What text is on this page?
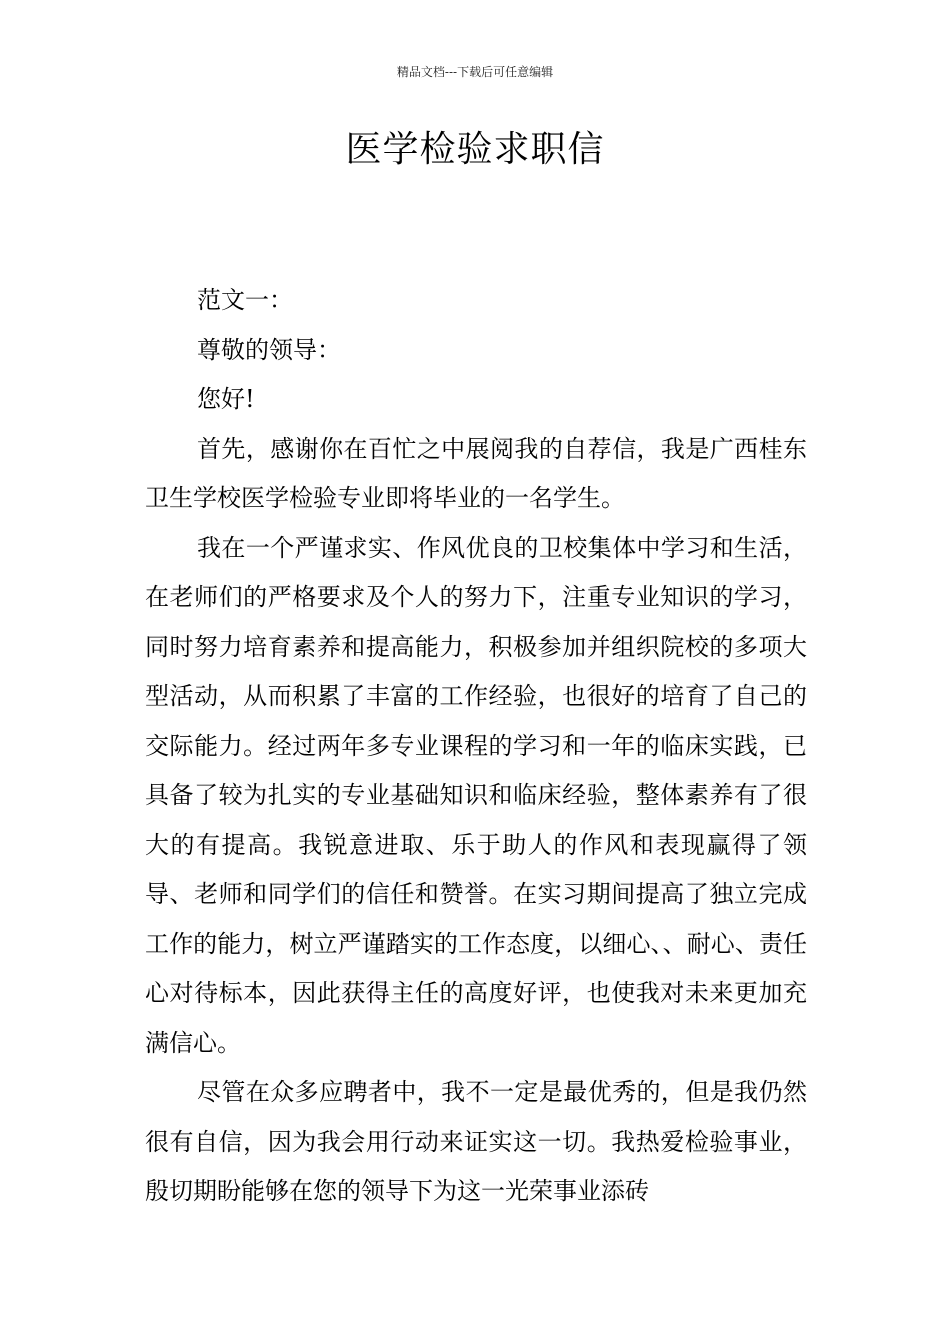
精品文档---下载后可任意编辑
医学检验求职信

范文一：

尊敬的领导：

您好!

首先，感谢你在百忙之中展阅我的自荐信，我是广西桂东卫生学校医学检验专业即将毕业的一名学生。

我在一个严谨求实、作风优良的卫校集体中学习和生活，在老师们的严格要求及个人的努力下，注重专业知识的学习，同时努力培育素养和提高能力，积极参加并组织院校的多项大型活动，从而积累了丰富的工作经验，也很好的培育了自己的交际能力。经过两年多专业课程的学习和一年的临床实践，已具备了较为扎实的专业基础知识和临床经验，整体素养有了很大的有提高。我锐意进取、乐于助人的作风和表现赢得了领导、老师和同学们的信任和赞誉。在实习期间提高了独立完成工作的能力，树立严谨踏实的工作态度，以细心、、耐心、责任心对待标本，因此获得主任的高度好评，也使我对未来更加充满信心。

尽管在众多应聘者中，我不一定是最优秀的，但是我仍然很有自信，因为我会用行动来证实这一切。我热爱检验事业，殷切期盼能够在您的领导下为这一光荣事业添砖
